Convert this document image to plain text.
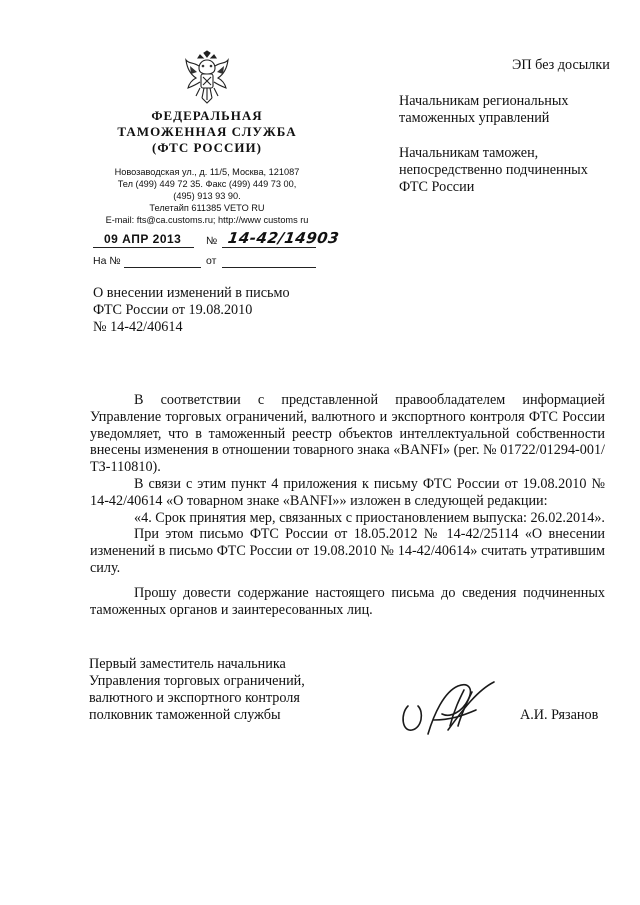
ЭП без досылки
ФЕДЕРАЛЬНАЯ
ТАМОЖЕННАЯ СЛУЖБА
(ФТС РОССИИ)
Новозаводская ул., д. 11/5, Москва, 121087
Тел (499) 449 72 35. Факс (499) 449 73 00,
(495) 913 93 90.
Телетайп 611385 VETO RU
E-mail: fts@ca.customs.ru; http://www customs ru
09 АПР 2013 № 14-42/14903
На №	от
Начальникам региональных
таможенных управлений
Начальникам таможен,
непосредственно подчиненных
ФТС России
О внесении изменений в письмо
ФТС России от 19.08.2010
№ 14-42/40614

В соответствии с представленной правообладателем информацией Управление торговых ограничений, валютного и экспортного контроля ФТС России уведомляет, что в таможенный реестр объектов интеллектуальной собственности внесены изменения в отношении товарного знака «BANFI» (рег. № 01722/01294-001/ТЗ-110810).

В связи с этим пункт 4 приложения к письму ФТС России от 19.08.2010 № 14-42/40614 «О товарном знаке «BANFI»» изложен в следующей редакции:

«4. Срок принятия мер, связанных с приостановлением выпуска: 26.02.2014».

При этом письмо ФТС России от 18.05.2012 № 14-42/25114 «О внесении изменений в письмо ФТС России от 19.08.2010 № 14-42/40614» считать утратившим силу.

Прошу довести содержание настоящего письма до сведения подчиненных таможенных органов и заинтересованных лиц.

Первый заместитель начальника
Управления торговых ограничений,
валютного и экспортного контроля
полковник таможенной службы	А.И. Рязанов
